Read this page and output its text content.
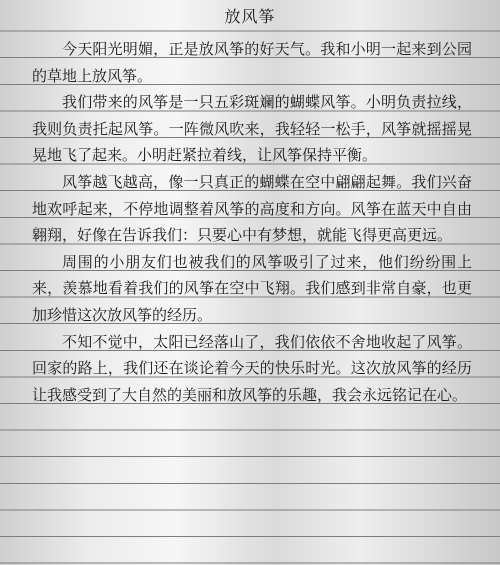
放风筝

今天阳光明媚，正是放风筝的好天气。我和小明一起来到公园的草地上放风筝。

我们带来的风筝是一只五彩斑斓的蝴蝶风筝。小明负责拉线，我则负责托起风筝。一阵微风吹来，我轻轻一松手，风筝就摇摇晃晃地飞了起来。小明赶紧拉着线，让风筝保持平衡。

风筝越飞越高，像一只真正的蝴蝶在空中翩翩起舞。我们兴奋地欢呼起来，不停地调整着风筝的高度和方向。风筝在蓝天中自由翱翔，好像在告诉我们：只要心中有梦想，就能飞得更高更远。

周围的小朋友们也被我们的风筝吸引了过来，他们纷纷围上来，羡慕地看着我们的风筝在空中飞翔。我们感到非常自豪，也更加珍惜这次放风筝的经历。

不知不觉中，太阳已经落山了，我们依依不舍地收起了风筝。回家的路上，我们还在谈论着今天的快乐时光。这次放风筝的经历让我感受到了大自然的美丽和放风筝的乐趣，我会永远铭记在心。
